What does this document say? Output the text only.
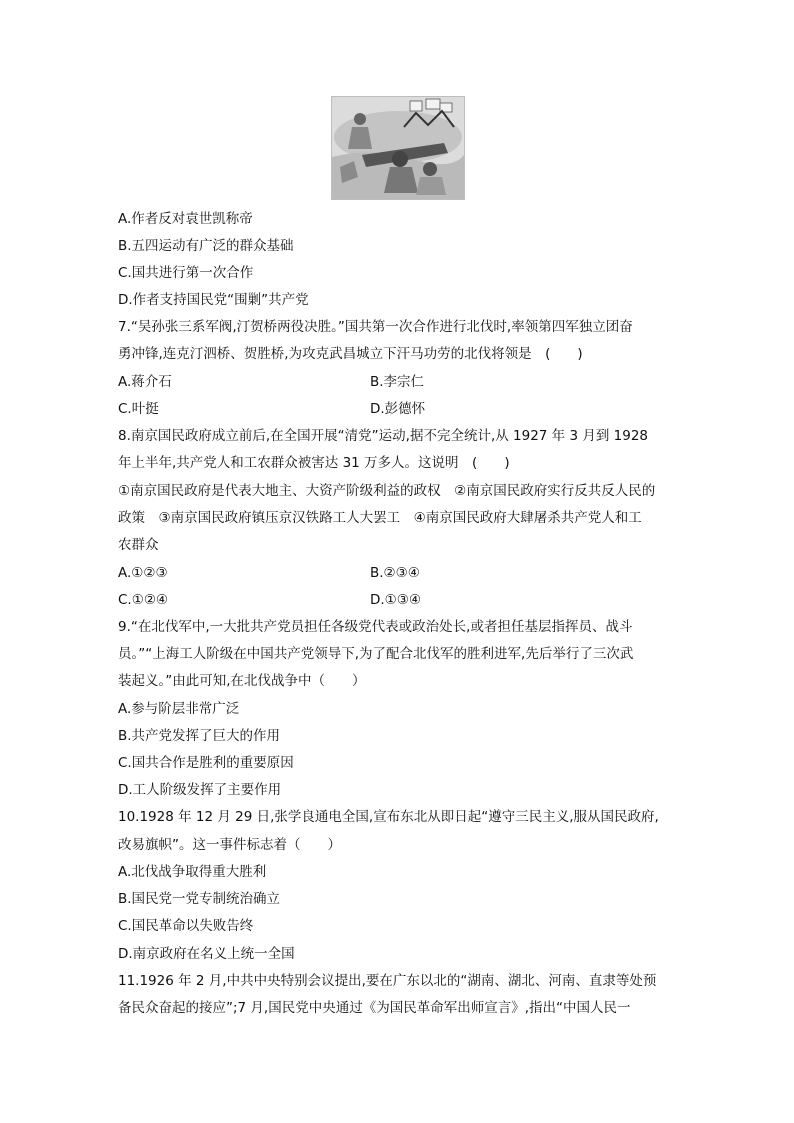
A.作者反对袁世凯称帝
B.五四运动有广泛的群众基础
C.国共进行第一次合作
D.作者支持国民党“围剿”共产党
7.“吴孙张三系军阀,汀贺桥两役决胜。”国共第一次合作进行北伐时,率领第四军独立团奋
勇冲锋,连克汀泗桥、贺胜桥,为攻克武昌城立下汗马功劳的北伐将领是　(　　)
A.蒋介石	B.李宗仁
C.叶挺	D.彭德怀
8.南京国民政府成立前后,在全国开展“清党”运动,据不完全统计,从 1927 年 3 月到 1928
年上半年,共产党人和工农群众被害达 31 万多人。这说明　(　　)
①南京国民政府是代表大地主、大资产阶级利益的政权　②南京国民政府实行反共反人民的
政策　③南京国民政府镇压京汉铁路工人大罢工　④南京国民政府大肆屠杀共产党人和工
农群众
A.①②③	B.②③④
C.①②④	D.①③④
9.“在北伐军中,一大批共产党员担任各级党代表或政治处长,或者担任基层指挥员、战斗
员。”“上海工人阶级在中国共产党领导下,为了配合北伐军的胜利进军,先后举行了三次武
装起义。”由此可知,在北伐战争中（　　）
A.参与阶层非常广泛
B.共产党发挥了巨大的作用
C.国共合作是胜利的重要原因
D.工人阶级发挥了主要作用
10.1928 年 12 月 29 日,张学良通电全国,宣布东北从即日起“遵守三民主义,服从国民政府,
改易旗帜”。这一事件标志着（　　）
A.北伐战争取得重大胜利
B.国民党一党专制统治确立
C.国民革命以失败告终
D.南京政府在名义上统一全国
11.1926 年 2 月,中共中央特别会议提出,要在广东以北的“湖南、湖北、河南、直隶等处预
备民众奋起的接应”;7 月,国民党中央通过《为国民革命军出师宣言》,指出“中国人民一
